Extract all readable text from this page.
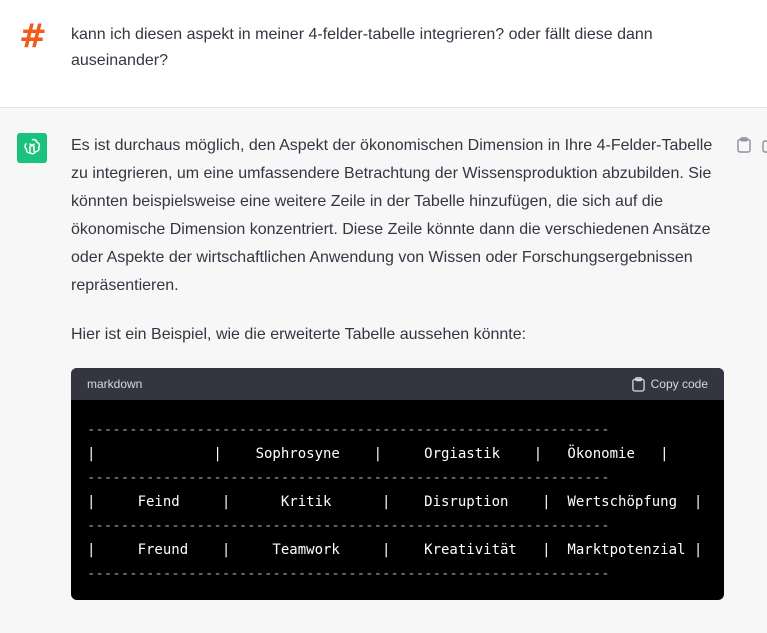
# kann ich diesen aspekt in meiner 4-felder-tabelle integrieren? oder fällt diese dann auseinander?

Es ist durchaus möglich, den Aspekt der ökonomischen Dimension in Ihre 4-Felder-Tabelle zu integrieren, um eine umfassendere Betrachtung der Wissensproduktion abzubilden. Sie könnten beispielsweise eine weitere Zeile in der Tabelle hinzufügen, die sich auf die ökonomische Dimension konzentriert. Diese Zeile könnte dann die verschiedenen Ansätze oder Aspekte der wirtschaftlichen Anwendung von Wissen oder Forschungsergebnissen repräsentieren.

Hier ist ein Beispiel, wie die erweiterte Tabelle aussehen könnte:

markdown	Copy code
--------------------------------------------------------------
|              |    Sophrosyne    |     Orgiastik    |   Ökonomie   |
--------------------------------------------------------------
|     Feind     |      Kritik      |    Disruption    |  Wertschöpfung  |
--------------------------------------------------------------
|     Freund    |     Teamwork     |    Kreativität   |  Marktpotenzial |
--------------------------------------------------------------
